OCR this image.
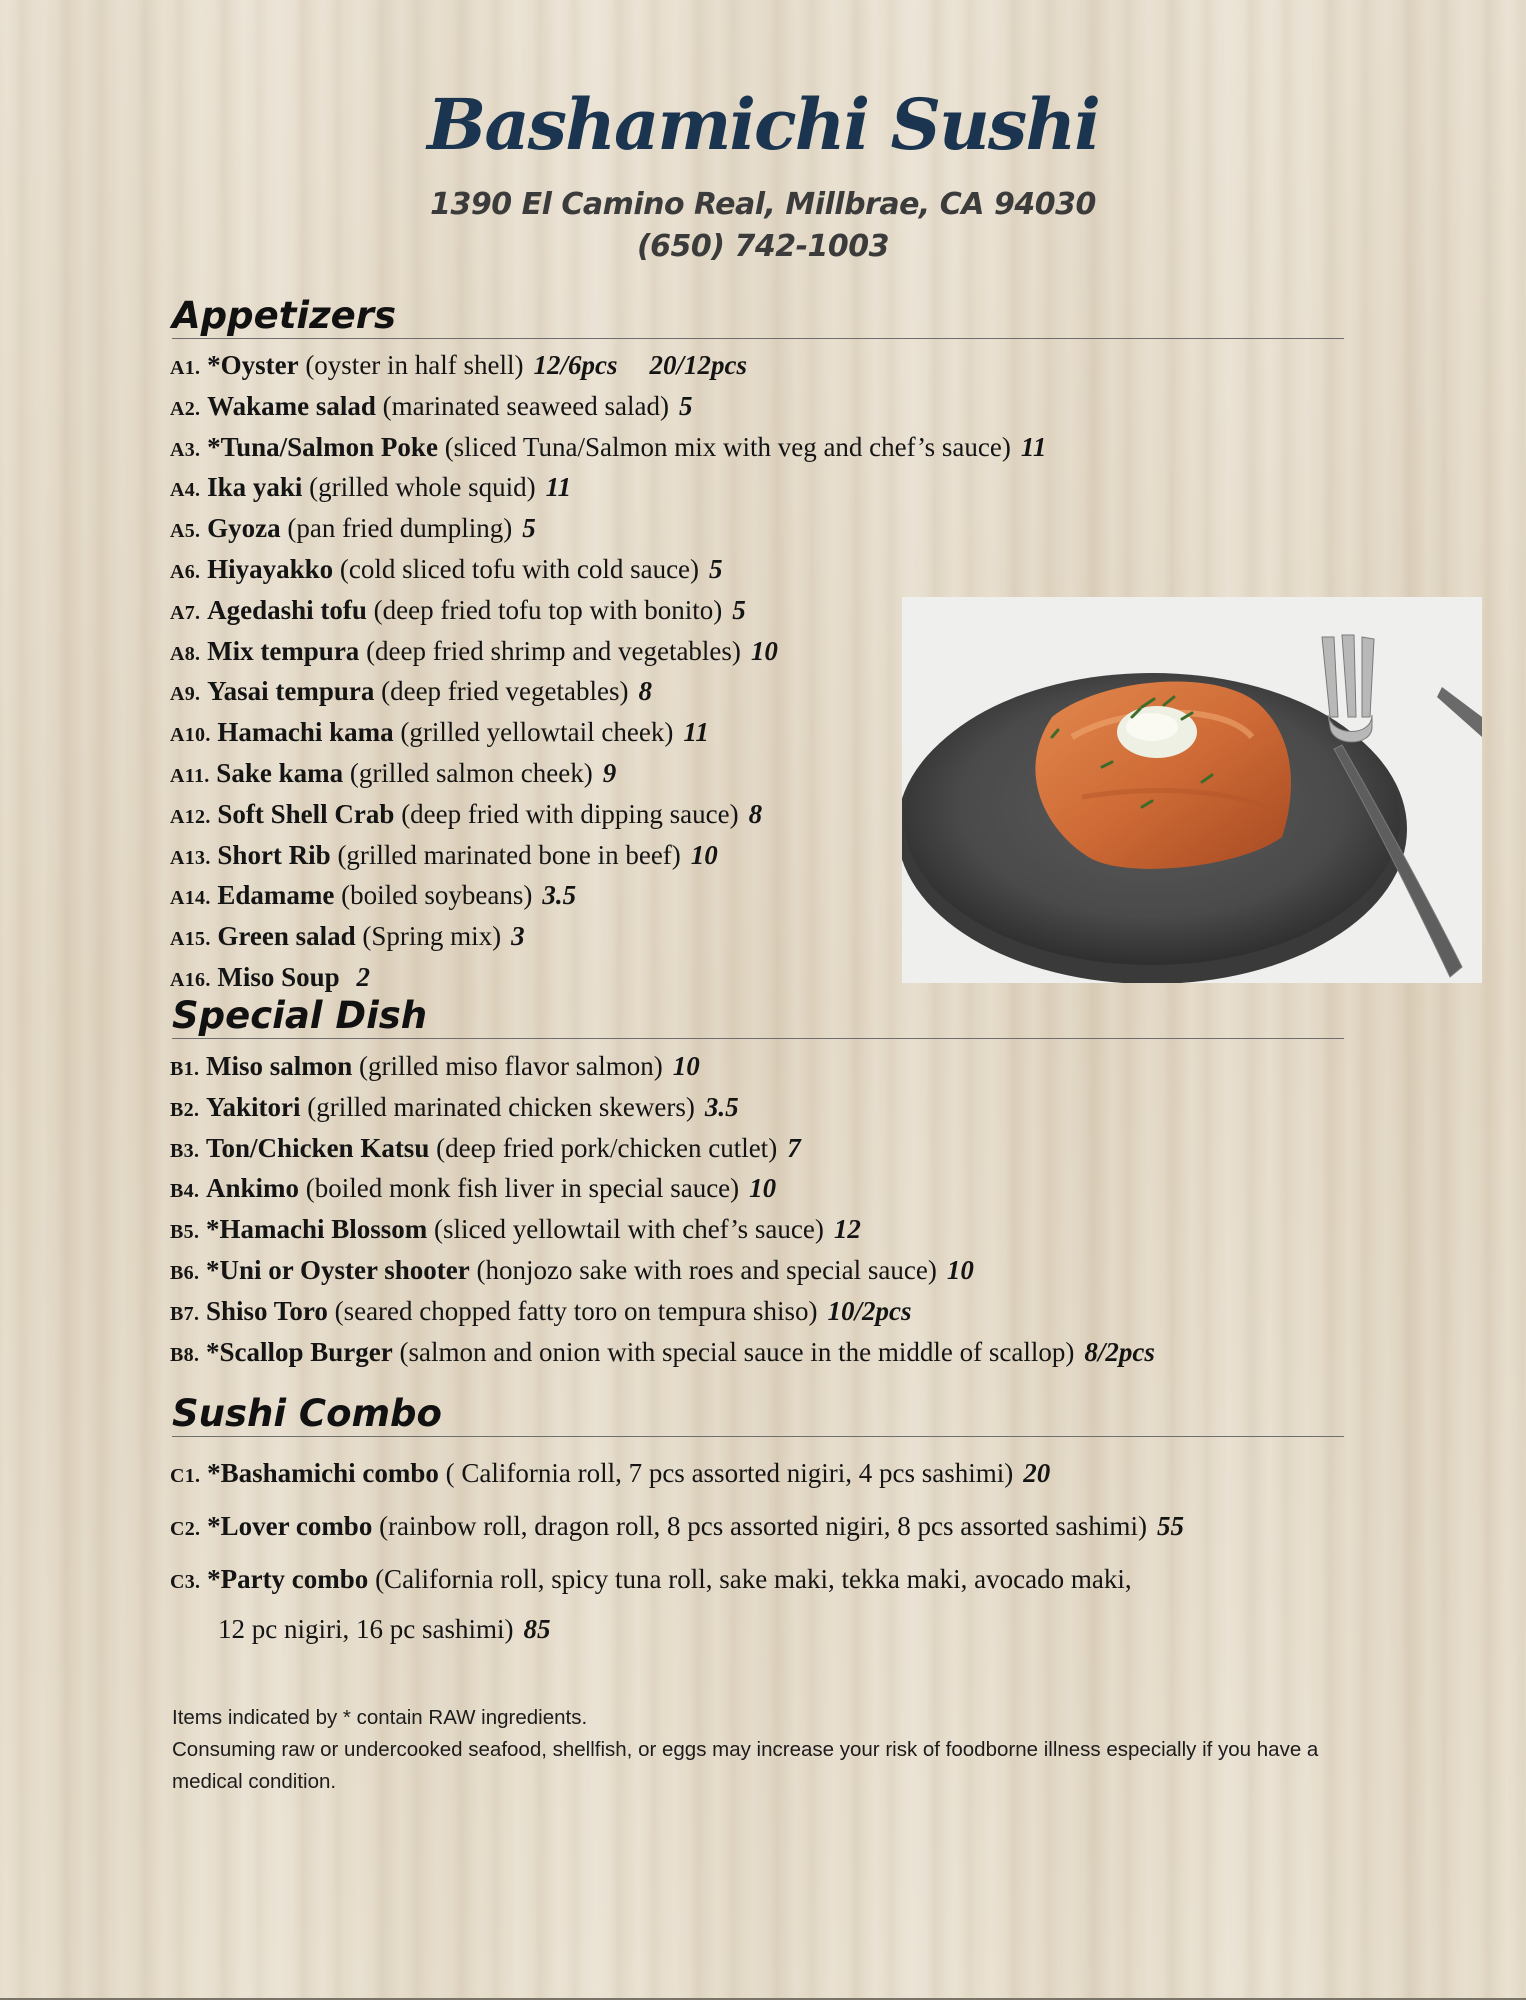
Bashamichi Sushi
1390 El Camino Real, Millbrae, CA 94030
(650) 742-1003
Appetizers
A1. *Oyster (oyster in half shell) 12/6pcs 20/12pcs
A2. Wakame salad (marinated seaweed salad) 5
A3. *Tuna/Salmon Poke (sliced Tuna/Salmon mix with veg and chef’s sauce) 11
A4. Ika yaki (grilled whole squid) 11
A5. Gyoza (pan fried dumpling) 5
A6. Hiyayakko (cold sliced tofu with cold sauce) 5
A7. Agedashi tofu (deep fried tofu top with bonito) 5
A8. Mix tempura (deep fried shrimp and vegetables) 10
A9. Yasai tempura (deep fried vegetables) 8
A10. Hamachi kama (grilled yellowtail cheek) 11
A11. Sake kama (grilled salmon cheek) 9
A12. Soft Shell Crab (deep fried with dipping sauce) 8
A13. Short Rib (grilled marinated bone in beef) 10
A14. Edamame (boiled soybeans) 3.5
A15. Green salad (Spring mix) 3
A16. Miso Soup 2
Special Dish
B1. Miso salmon (grilled miso flavor salmon) 10
B2. Yakitori (grilled marinated chicken skewers) 3.5
B3. Ton/Chicken Katsu (deep fried pork/chicken cutlet) 7
B4. Ankimo (boiled monk fish liver in special sauce) 10
B5. *Hamachi Blossom (sliced yellowtail with chef’s sauce) 12
B6. *Uni or Oyster shooter (honjozo sake with roes and special sauce) 10
B7. Shiso Toro (seared chopped fatty toro on tempura shiso) 10/2pcs
B8. *Scallop Burger (salmon and onion with special sauce in the middle of scallop) 8/2pcs
Sushi Combo
C1. *Bashamichi combo ( California roll, 7 pcs assorted nigiri, 4 pcs sashimi) 20
C2. *Lover combo (rainbow roll, dragon roll, 8 pcs assorted nigiri, 8 pcs assorted sashimi) 55
C3. *Party combo (California roll, spicy tuna roll, sake maki, tekka maki, avocado maki,
12 pc nigiri, 16 pc sashimi) 85
Items indicated by * contain RAW ingredients.
Consuming raw or undercooked seafood, shellfish, or eggs may increase your risk of foodborne illness especially if you have a medical condition.
